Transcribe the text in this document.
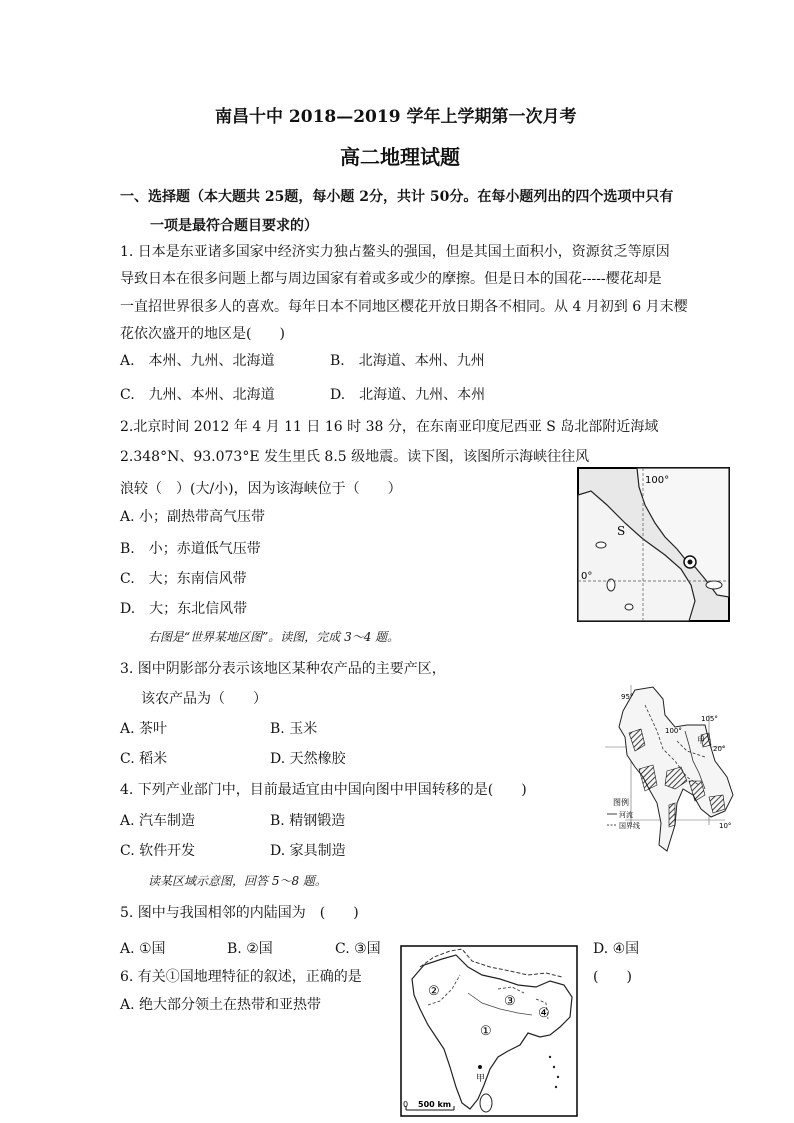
南昌十中 2018—2019 学年上学期第一次月考
高二地理试题
一、选择题（本大题共 25题，每小题 2分，共计 50分。在每小题列出的四个选项中只有
一项是最符合题目要求的）
1. 日本是东亚诸多国家中经济实力独占鳌头的强国，但是其国土面积小，资源贫乏等原因
导致日本在很多问题上都与周边国家有着或多或少的摩擦。但是日本的国花-----樱花却是
一直招世界很多人的喜欢。每年日本不同地区樱花开放日期各不相同。从 4 月初到 6 月末樱
花依次盛开的地区是(　　)
A.　本州、九州、北海道	B.　北海道、本州、九州
C.　九州、本州、北海道	D.　北海道、九州、本州
2.北京时间 2012 年 4 月 11 日 16 时 38 分，在东南亚印度尼西亚 S 岛北部附近海域
2.348°N、93.073°E 发生里氏 8.5 级地震。读下图，该图所示海峡往往风
浪较（　）(大/小)，因为该海峡位于（　　）
A. 小；副热带高气压带
B.　小；赤道低气压带
C.　大；东南信风带
D.　大；东北信风带
100°
0°
S
右图是“世界某地区图”。读图，完成 3～4 题。
3. 图中阴影部分表示该地区某种农产品的主要产区，
该农产品为（　　）
A. 茶叶	B. 玉米
C. 稻米	D. 天然橡胶
4. 下列产业部门中，目前最适宜由中国向图中甲国转移的是(　　)
A. 汽车制造	B. 精钢锻造
C. 软件开发	D. 家具制造
95°
100°
105°
20°
10°
甲
图例
河流
国界线
读某区域示意图，回答 5～8 题。
5. 图中与我国相邻的内陆国为　(　　)
A. ①国	B. ②国	C. ③国	D. ④国
6. 有关①国地理特征的叙述，正确的是	(　　)
A. 绝大部分领土在热带和亚热带
②
①
③
④
甲
0 500 km
